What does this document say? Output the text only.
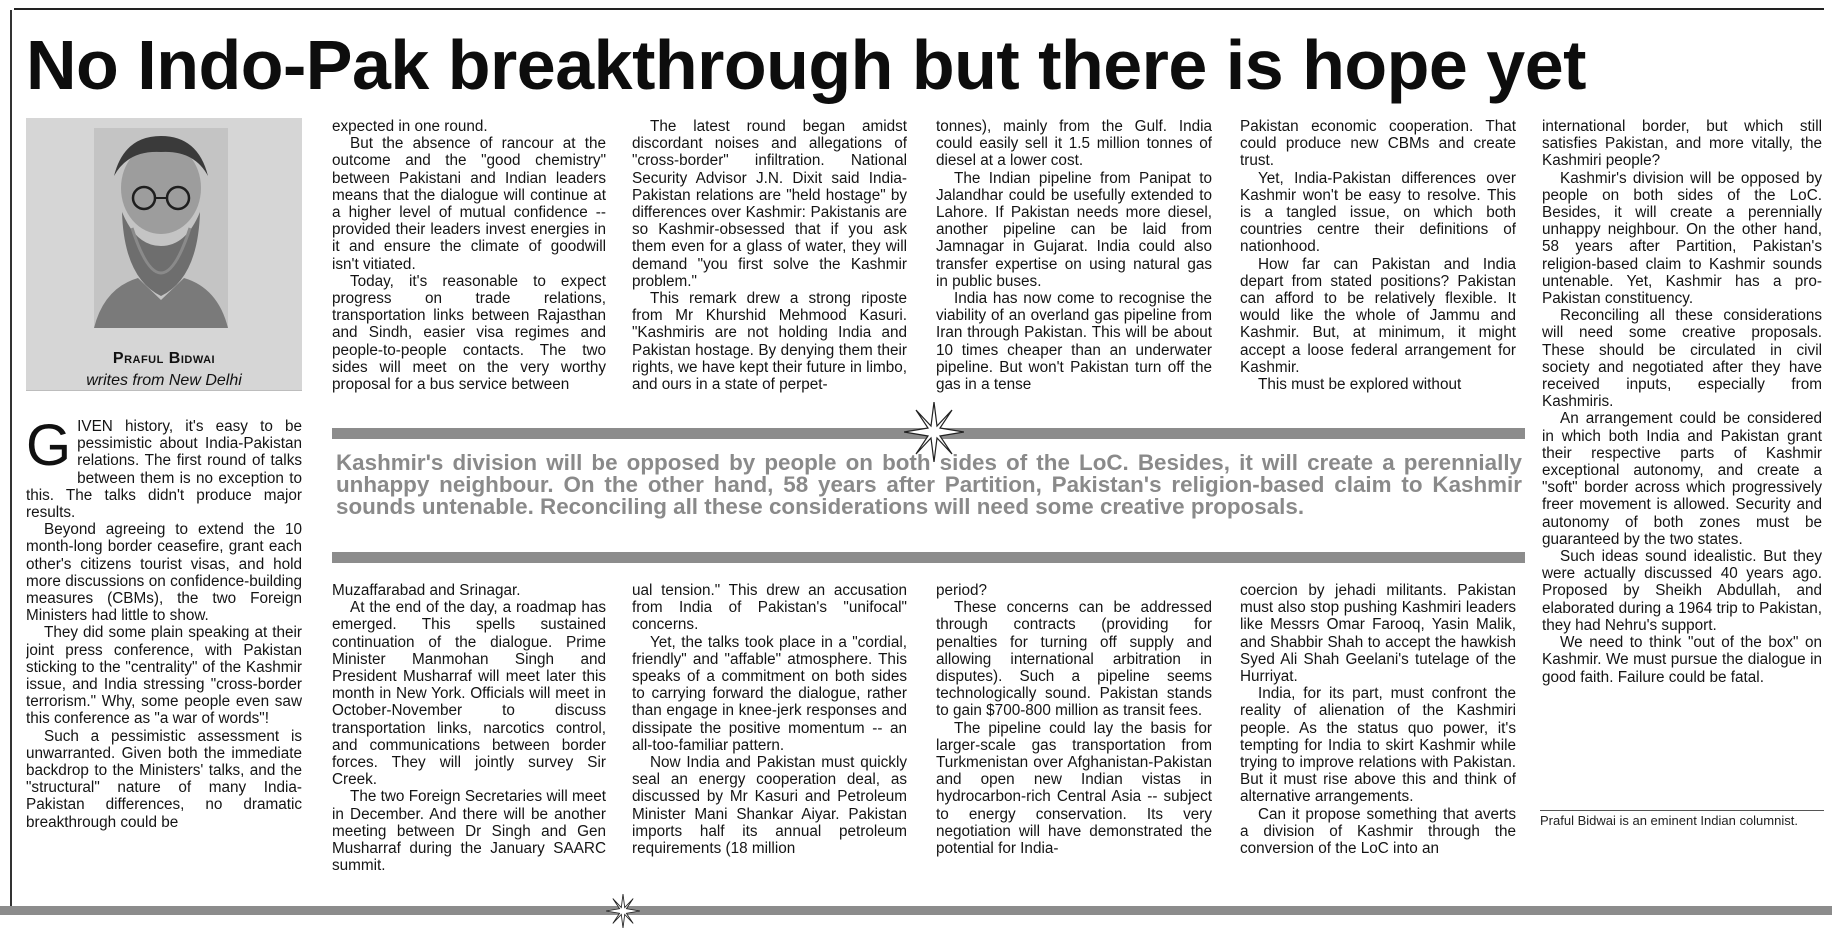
No Indo-Pak breakthrough but there is hope yet
Praful Bidwai
writes from New Delhi

GIVEN history, it's easy to be pessimistic about India-Pakistan relations. The first round of talks between them is no exception to this. The talks didn't produce major results.

Beyond agreeing to extend the 10 month-long border ceasefire, grant each other's citizens tourist visas, and hold more discussions on confidence-building measures (CBMs), the two Foreign Ministers had little to show.

They did some plain speaking at their joint press conference, with Pakistan sticking to the "centrality" of the Kashmir issue, and India stressing "cross-border terrorism." Why, some people even saw this conference as "a war of words"!

Such a pessimistic assessment is unwarranted. Given both the immediate backdrop to the Ministers' talks, and the "structural" nature of many India-Pakistan differences, no dramatic breakthrough could be

expected in one round.

But the absence of rancour at the outcome and the "good chemistry" between Pakistani and Indian leaders means that the dialogue will continue at a higher level of mutual confidence -- provided their leaders invest energies in it and ensure the climate of goodwill isn't vitiated.

Today, it's reasonable to expect progress on trade relations, transportation links between Rajasthan and Sindh, easier visa regimes and people-to-people contacts. The two sides will meet on the very worthy proposal for a bus service between

Muzaffarabad and Srinagar.

At the end of the day, a roadmap has emerged. This spells sustained continuation of the dialogue. Prime Minister Manmohan Singh and President Musharraf will meet later this month in New York. Officials will meet in October-November to discuss transportation links, narcotics control, and communications between border forces. They will jointly survey Sir Creek.

The two Foreign Secretaries will meet in December. And there will be another meeting between Dr Singh and Gen Musharraf during the January SAARC summit.

The latest round began amidst discordant noises and allegations of "cross-border" infiltration. National Security Advisor J.N. Dixit said India-Pakistan relations are "held hostage" by differences over Kashmir: Pakistanis are so Kashmir-obsessed that if you ask them even for a glass of water, they will demand "you first solve the Kashmir problem."

This remark drew a strong riposte from Mr Khurshid Mehmood Kasuri. "Kashmiris are not holding India and Pakistan hostage. By denying them their rights, we have kept their future in limbo, and ours in a state of perpet-

ual tension." This drew an accusation from India of Pakistan's "unifocal" concerns.

Yet, the talks took place in a "cordial, friendly" and "affable" atmosphere. This speaks of a commitment on both sides to carrying forward the dialogue, rather than engage in knee-jerk responses and dissipate the positive momentum -- an all-too-familiar pattern.

Now India and Pakistan must quickly seal an energy cooperation deal, as discussed by Mr Kasuri and Petroleum Minister Mani Shankar Aiyar. Pakistan imports half its annual petroleum requirements (18 million

tonnes), mainly from the Gulf. India could easily sell it 1.5 million tonnes of diesel at a lower cost.

The Indian pipeline from Panipat to Jalandhar could be usefully extended to Lahore. If Pakistan needs more diesel, another pipeline can be laid from Jamnagar in Gujarat. India could also transfer expertise on using natural gas in public buses.

India has now come to recognise the viability of an overland gas pipeline from Iran through Pakistan. This will be about 10 times cheaper than an underwater pipeline. But won't Pakistan turn off the gas in a tense

period?

These concerns can be addressed through contracts (providing for penalties for turning off supply and allowing international arbitration in disputes). Such a pipeline seems technologically sound. Pakistan stands to gain $700-800 million as transit fees.

The pipeline could lay the basis for larger-scale gas transportation from Turkmenistan over Afghanistan-Pakistan and open new Indian vistas in hydrocarbon-rich Central Asia -- subject to energy conservation. Its very negotiation will have demonstrated the potential for India-

Pakistan economic cooperation. That could produce new CBMs and create trust.

Yet, India-Pakistan differences over Kashmir won't be easy to resolve. This is a tangled issue, on which both countries centre their definitions of nationhood.

How far can Pakistan and India depart from stated positions? Pakistan can afford to be relatively flexible. It would like the whole of Jammu and Kashmir. But, at minimum, it might accept a loose federal arrangement for Kashmir.

This must be explored without

coercion by jehadi militants. Pakistan must also stop pushing Kashmiri leaders like Messrs Omar Farooq, Yasin Malik, and Shabbir Shah to accept the hawkish Syed Ali Shah Geelani's tutelage of the Hurriyat.

India, for its part, must confront the reality of alienation of the Kashmiri people. As the status quo power, it's tempting for India to skirt Kashmir while trying to improve relations with Pakistan. But it must rise above this and think of alternative arrangements.

Can it propose something that averts a division of Kashmir through the conversion of the LoC into an

international border, but which still satisfies Pakistan, and more vitally, the Kashmiri people?

Kashmir's division will be opposed by people on both sides of the LoC. Besides, it will create a perennially unhappy neighbour. On the other hand, 58 years after Partition, Pakistan's religion-based claim to Kashmir sounds untenable. Yet, Kashmir has a pro-Pakistan constituency.

Reconciling all these considerations will need some creative proposals. These should be circulated in civil society and negotiated after they have received inputs, especially from Kashmiris.

An arrangement could be considered in which both India and Pakistan grant their respective parts of Kashmir exceptional autonomy, and create a "soft" border across which progressively freer movement is allowed. Security and autonomy of both zones must be guaranteed by the two states.

Such ideas sound idealistic. But they were actually discussed 40 years ago. Proposed by Sheikh Abdullah, and elaborated during a 1964 trip to Pakistan, they had Nehru's support.

We need to think "out of the box" on Kashmir. We must pursue the dialogue in good faith. Failure could be fatal.

Kashmir's division will be opposed by people on both sides of the LoC. Besides, it will create a perennially unhappy neighbour. On the other hand, 58 years after Partition, Pakistan's religion-based claim to Kashmir sounds untenable. Reconciling all these considerations will need some creative proposals.

Praful Bidwai is an eminent Indian columnist.
